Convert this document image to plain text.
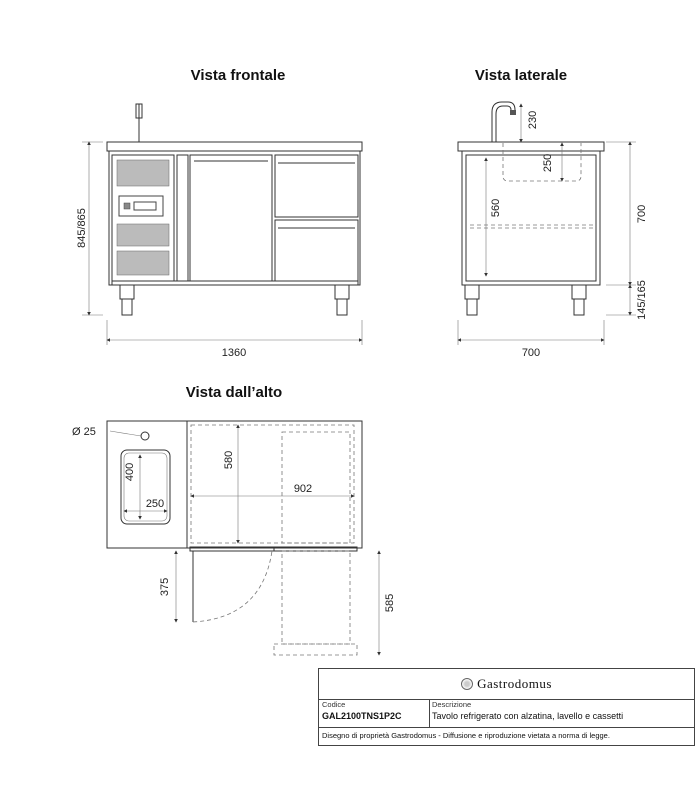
Vista frontale	Vista laterale
Vista dall’alto
845/865
1360
230
250
560	700
145/165
700
Ø 25
400
250
580
902
375
585
Gastrodomus
Codice
GAL2100TNS1P2C
Descrizione
Tavolo refrigerato con alzatina, lavello e cassetti
Disegno di proprietà Gastrodomus - Diffusione e riproduzione vietata a norma di legge.
